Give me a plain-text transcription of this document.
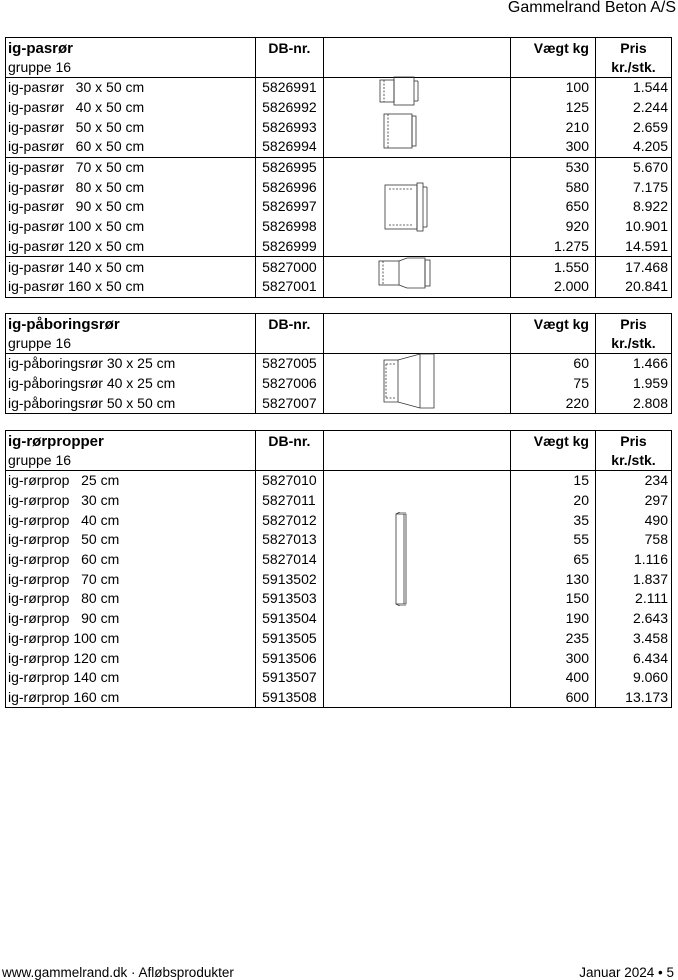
Gammelrand Beton A/S
ig-pasrør	DB-nr.		Vægt kg	Pris
gruppe 16				kr./stk.
ig-pasrør   30 x 50 cm	5826991		100	1.544
ig-pasrør   40 x 50 cm	5826992		125	2.244
ig-pasrør   50 x 50 cm	5826993		210	2.659
ig-pasrør   60 x 50 cm	5826994		300	4.205
ig-pasrør   70 x 50 cm	5826995		530	5.670
ig-pasrør   80 x 50 cm	5826996		580	7.175
ig-pasrør   90 x 50 cm	5826997		650	8.922
ig-pasrør 100 x 50 cm	5826998		920	10.901
ig-pasrør 120 x 50 cm	5826999		1.275	14.591
ig-pasrør 140 x 50 cm	5827000		1.550	17.468
ig-pasrør 160 x 50 cm	5827001		2.000	20.841
ig-påboringsrør	DB-nr.		Vægt kg	Pris
gruppe 16				kr./stk.
ig-påboringsrør 30 x 25 cm	5827005		60	1.466
ig-påboringsrør 40 x 25 cm	5827006		75	1.959
ig-påboringsrør 50 x 50 cm	5827007		220	2.808
ig-rørpropper	DB-nr.		Vægt kg	Pris
gruppe 16				kr./stk.
ig-rørprop   25 cm	5827010		15	234
ig-rørprop   30 cm	5827011		20	297
ig-rørprop   40 cm	5827012		35	490
ig-rørprop   50 cm	5827013		55	758
ig-rørprop   60 cm	5827014		65	1.116
ig-rørprop   70 cm	5913502		130	1.837
ig-rørprop   80 cm	5913503		150	2.111
ig-rørprop   90 cm	5913504		190	2.643
ig-rørprop 100 cm	5913505		235	3.458
ig-rørprop 120 cm	5913506		300	6.434
ig-rørprop 140 cm	5913507		400	9.060
ig-rørprop 160 cm	5913508		600	13.173
www.gammelrand.dk · Afløbsprodukter	Januar 2024 • 5
